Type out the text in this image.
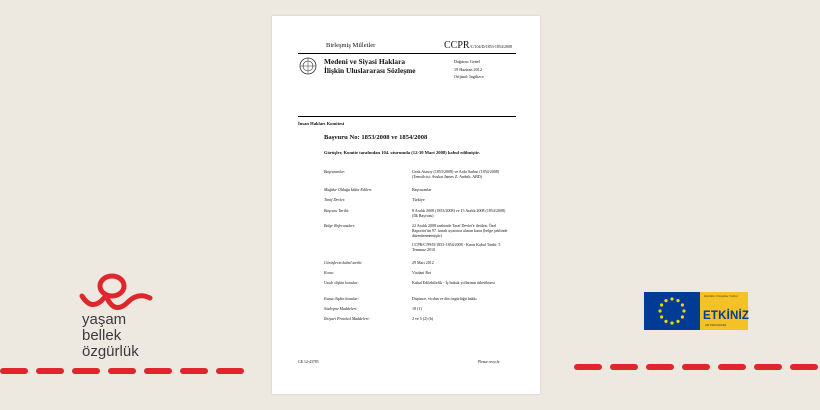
yaşam
bellek
özgürlük
Birleşmiş Milletler	CCPR/C/104/D/1853-1854/2008
Medeni ve Siyasi Haklara
İlişkin Uluslararası Sözleşme
Dağıtım: Genel
19 Haziran 2012
Orijinal: İngilizce
İnsan Hakları Komitesi
Başvuru No: 1853/2008 ve 1854/2008
Görüşler, Komite tarafından 104. oturumda (12-30 Mart 2008) kabul edilmiştir.
Başvuranlar:	Cenk Atasoy (1853/2008) ve Arda Sarkut (1854/2008) (Temsilcisi: Avukat James Z. Andrik, ABD)
Mağdur Olduğu İddia Edilen:	Başvuranlar
Taraf Devlet:	Türkiye
Başvuru Tarihi:	8 Aralık 2008 (1853/2008) ve 15 Aralık 2008 (1854/2008) (İlk Başvuru)
Belge Referansları:	22 Aralık 2008 tarihinde Taraf Devlet'e iletilen, Özel Raportör'ün 97. kuralı uyarınca alınan karar (belge şeklinde düzenlenmemiştir)
CCPR/C/99/D/1853-1854/2008 - Karar Kabul Tarihi: 5 Temmuz 2010
Görüşlerin kabul tarihi:	29 Mart 2012
Konu:	Vicdani Ret
Usule ilişkin konular:	Kabul Edilebilirlik - İç hukuk yollarının tüketilmesi
Esasa ilişkin konular:	Düşünce, vicdan ve din özgürlüğü hakkı
Sözleşme Maddeleri:	18 (1)
İhtiyari Protokol Maddeleri:	2 ve 5 (2) (b)
GE.12-43783	Please recycle
Etkinlikler, Kolaylıklar, Katılım
ETKİNİZ
AB PROGRAMI
